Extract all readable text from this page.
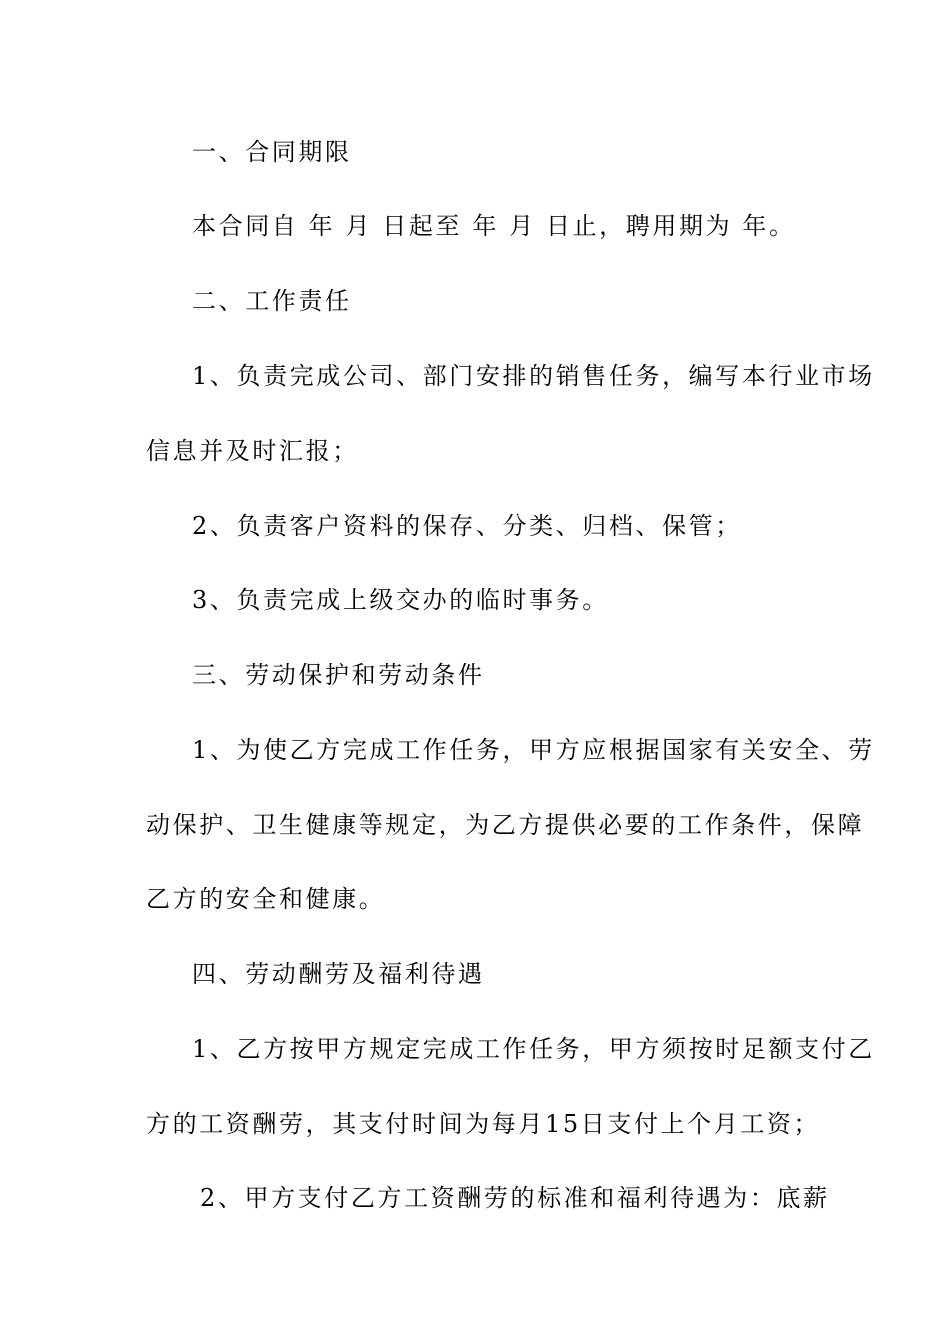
一、合同期限
本合同自 年 月 日起至 年 月 日止，聘用期为 年。
二、工作责任
1、负责完成公司、部门安排的销售任务，编写本行业市场
信息并及时汇报；
2、负责客户资料的保存、分类、归档、保管；
3、负责完成上级交办的临时事务。
三、劳动保护和劳动条件
1、为使乙方完成工作任务，甲方应根据国家有关安全、劳
动保护、卫生健康等规定，为乙方提供必要的工作条件，保障
乙方的安全和健康。
四、劳动酬劳及福利待遇
1、乙方按甲方规定完成工作任务，甲方须按时足额支付乙
方的工资酬劳，其支付时间为每月15日支付上个月工资；
2、甲方支付乙方工资酬劳的标准和福利待遇为：底薪
